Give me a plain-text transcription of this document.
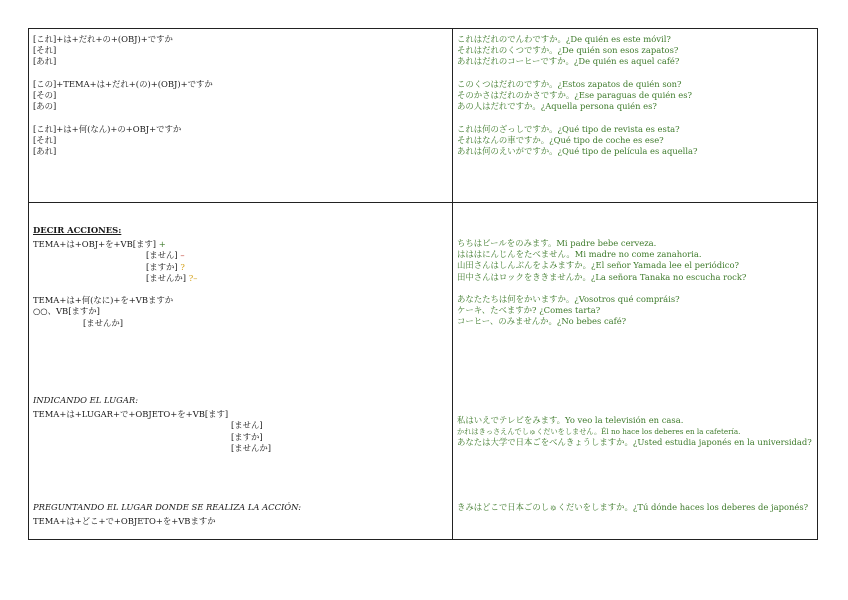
[これ]+は+だれ+の+(OBJ)+ですか
[それ]
[あれ]
[この]+TEMA+は+だれ+(の)+(OBJ)+ですか
[その]
[あの]
[これ]+は+何(なん)+の+OBJ+ですか
[それ]
[あれ]
これはだれのでんわですか。¿De quién es este móvil?
それはだれのくつですか。¿De quién son esos zapatos?
あれはだれのコーヒーですか。¿De quién es aquel café?
このくつはだれのですか。¿Estos zapatos de quién son?
そのかさはだれのかさですか。¿Ese paraguas de quién es?
あの人はだれですか。¿Aquella persona quién es?
これは何のざっしですか。¿Qué tipo de revista es esta?
それはなんの車ですか。¿Qué tipo de coche es ese?
あれは何のえいがですか。¿Qué tipo de película es aquella?
DECIR ACCIONES:
TEMA+は+OBJ+を+VB[ます] +
[ません] –
[ますか] ?
[ませんか] ?–
TEMA+は+何(なに)+を+VBますか
○○、VB[ますか]
[ませんか]
INDICANDO EL LUGAR:
TEMA+は+LUGAR+で+OBJETO+を+VB[ます]
[ません]
[ますか]
[ませんか]
PREGUNTANDO EL LUGAR DONDE SE REALIZA LA ACCIÓN:
TEMA+は+どこ+で+OBJETO+を+VBますか
ちちはビールをのみます。Mi padre bebe cerveza.
はははにんじんをたべません。Mi madre no come zanahoria.
山田さんはしんぶんをよみますか。¿El señor Yamada lee el periódico?
田中さんはロックをききませんか。¿La señora Tanaka no escucha rock?
あなたたちは何をかいますか。¿Vosotros qué compráis?
ケーキ、たべますか? ¿Comes tarta?
コーヒー、のみませんか。¿No bebes café?
私はいえでテレビをみます。Yo veo la televisión en casa.
かれはきっさえんでしゅくだいをしません。Él no hace los deberes en la cafetería.
あなたは大学で日本ごをべんきょうしますか。¿Usted estudia japonés en la universidad?
きみはどこで日本ごのしゅくだいをしますか。¿Tú dónde haces los deberes de japonés?
